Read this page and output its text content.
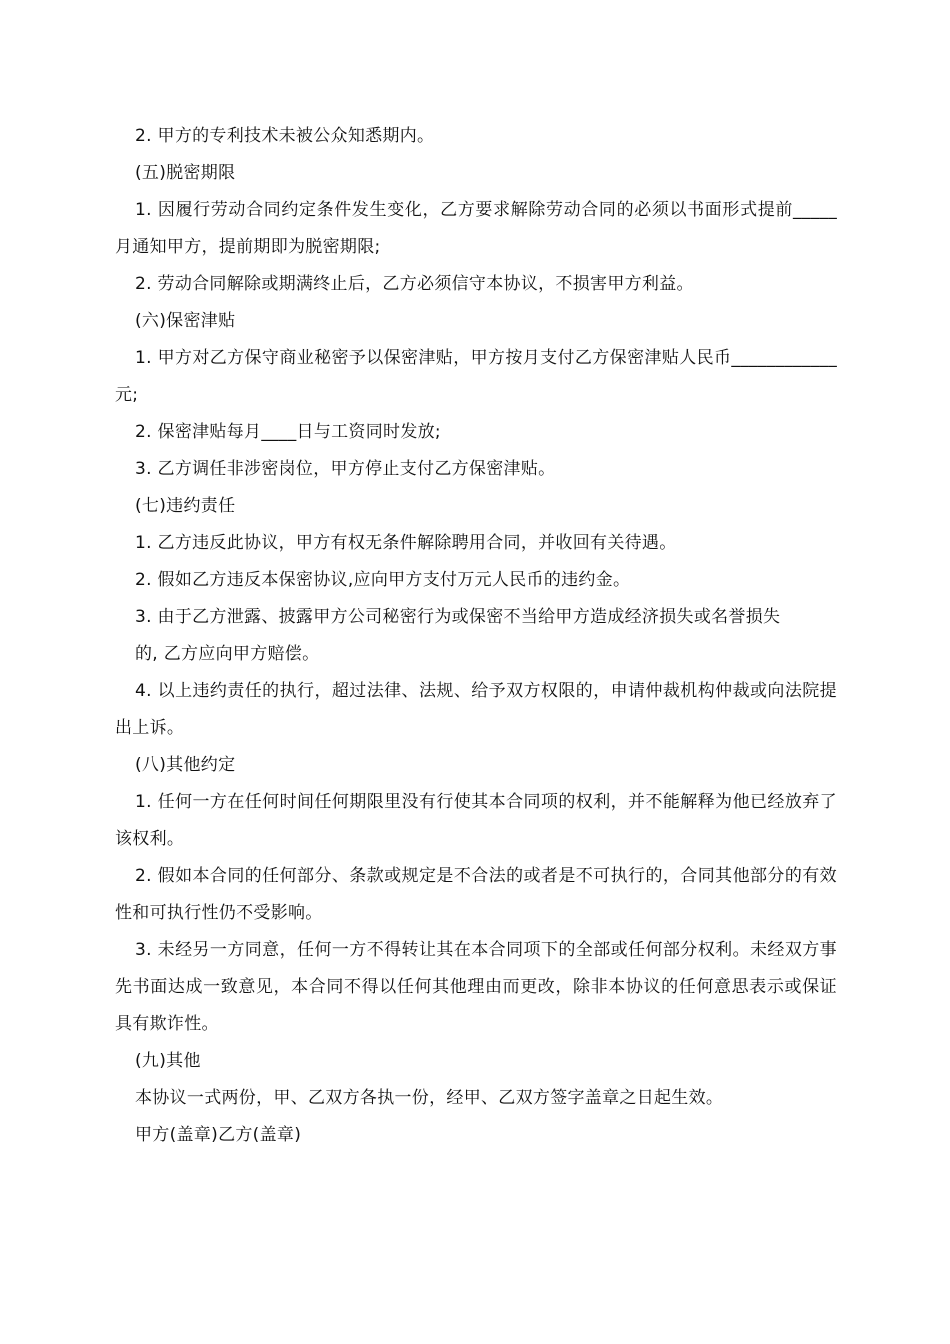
2. 甲方的专利技术未被公众知悉期内。

(五)脱密期限

1. 因履行劳动合同约定条件发生变化，乙方要求解除劳动合同的必须以书面形式提前_____月通知甲方，提前期即为脱密期限;

2. 劳动合同解除或期满终止后，乙方必须信守本协议，不损害甲方利益。

(六)保密津贴

1. 甲方对乙方保守商业秘密予以保密津贴，甲方按月支付乙方保密津贴人民币____________元;

2. 保密津贴每月____日与工资同时发放;

3. 乙方调任非涉密岗位，甲方停止支付乙方保密津贴。

(七)违约责任

1. 乙方违反此协议，甲方有权无条件解除聘用合同，并收回有关待遇。

2. 假如乙方违反本保密协议,应向甲方支付万元人民币的违约金。

3. 由于乙方泄露、披露甲方公司秘密行为或保密不当给甲方造成经济损失或名誉损失

的, 乙方应向甲方赔偿。

4. 以上违约责任的执行，超过法律、法规、给予双方权限的，申请仲裁机构仲裁或向法院提出上诉。

(八)其他约定

1. 任何一方在任何时间任何期限里没有行使其本合同项的权利，并不能解释为他已经放弃了该权利。

2. 假如本合同的任何部分、条款或规定是不合法的或者是不可执行的，合同其他部分的有效性和可执行性仍不受影响。

3. 未经另一方同意，任何一方不得转让其在本合同项下的全部或任何部分权利。未经双方事先书面达成一致意见，本合同不得以任何其他理由而更改，除非本协议的任何意思表示或保证具有欺诈性。

(九)其他

本协议一式两份，甲、乙双方各执一份，经甲、乙双方签字盖章之日起生效。

甲方(盖章)乙方(盖章)
